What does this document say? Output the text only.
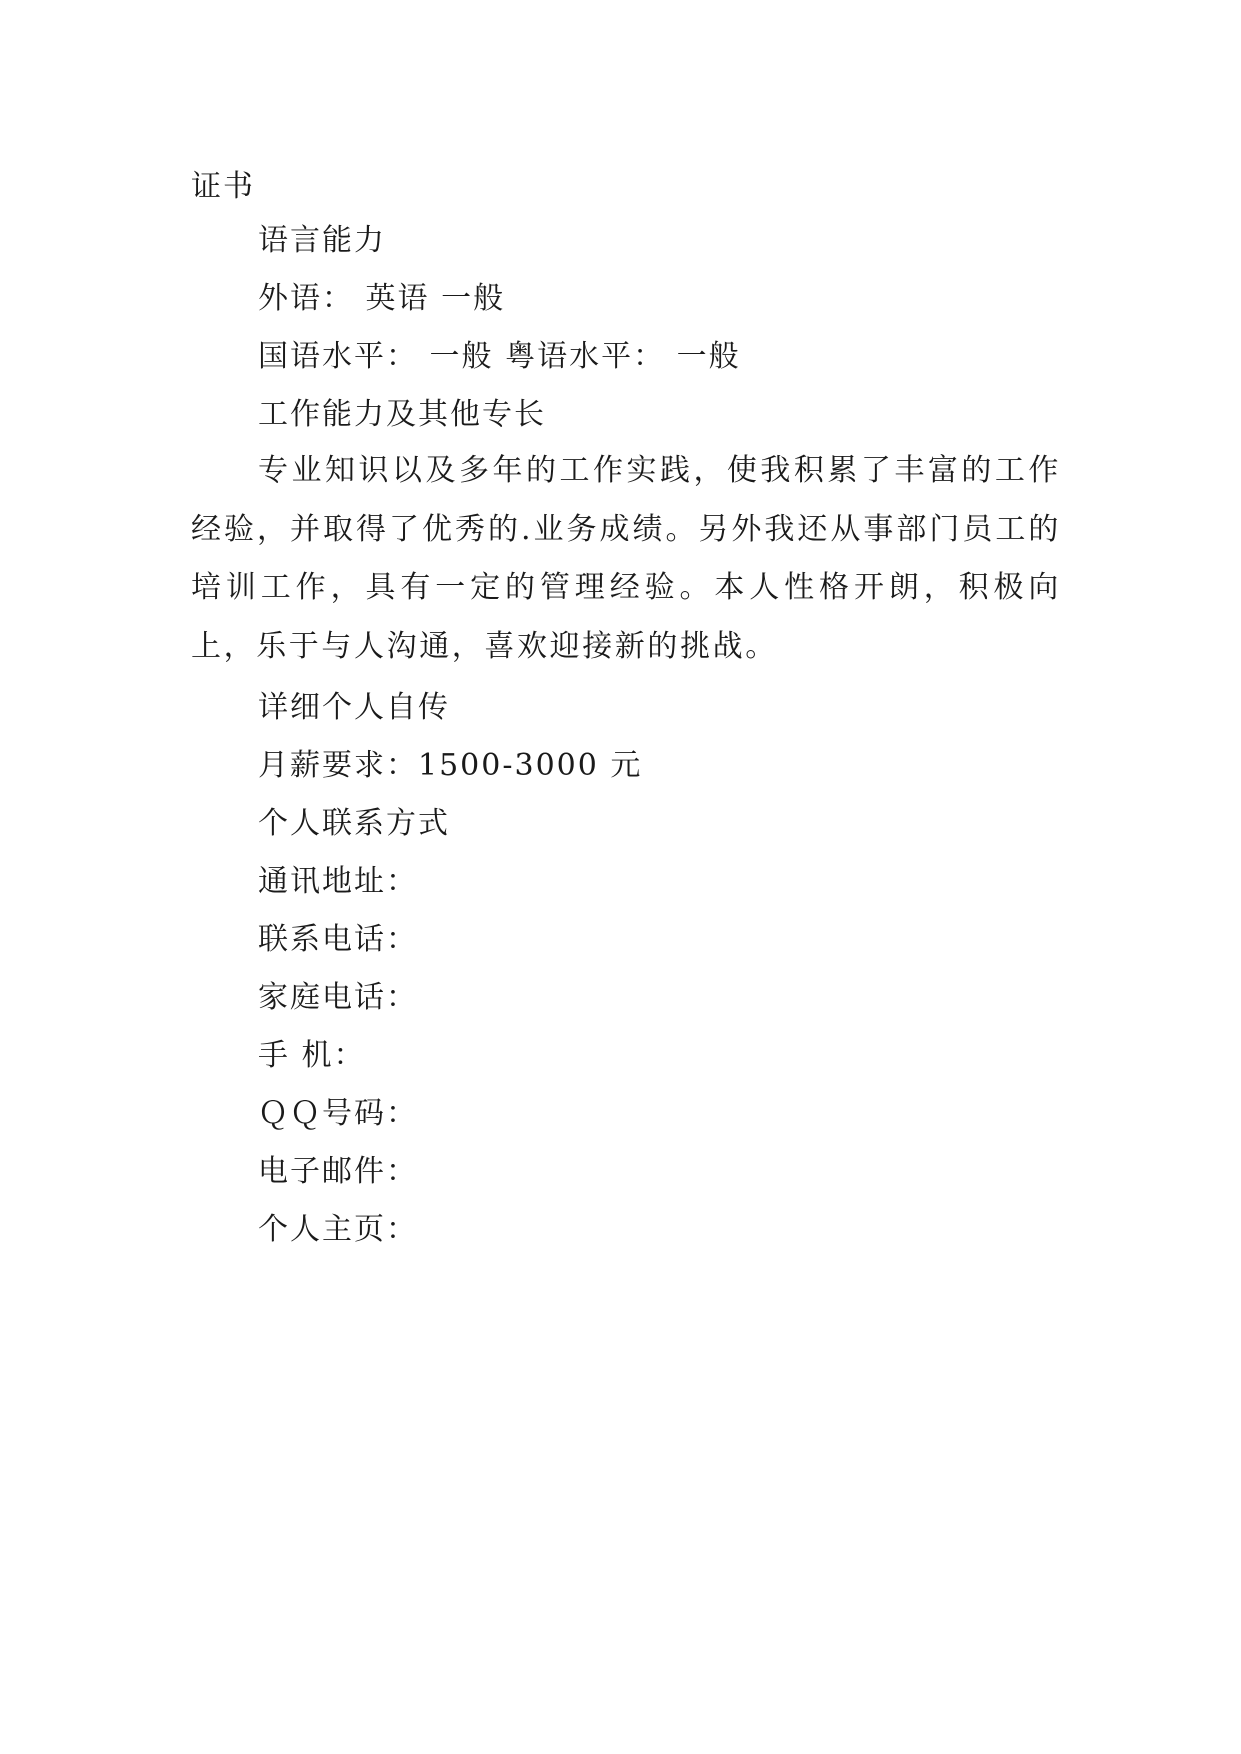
证书
语言能力
外语： 英语 一般
国语水平： 一般 粤语水平： 一般
工作能力及其他专长
专业知识以及多年的工作实践，使我积累了丰富的工作经验，并取得了优秀的.业务成绩。另外我还从事部门员工的培训工作，具有一定的管理经验。本人性格开朗，积极向上，乐于与人沟通，喜欢迎接新的挑战。
详细个人自传
月薪要求：1500-3000 元
个人联系方式
通讯地址：
联系电话：
家庭电话：
手 机：
ＱＱ号码：
电子邮件：
个人主页：
